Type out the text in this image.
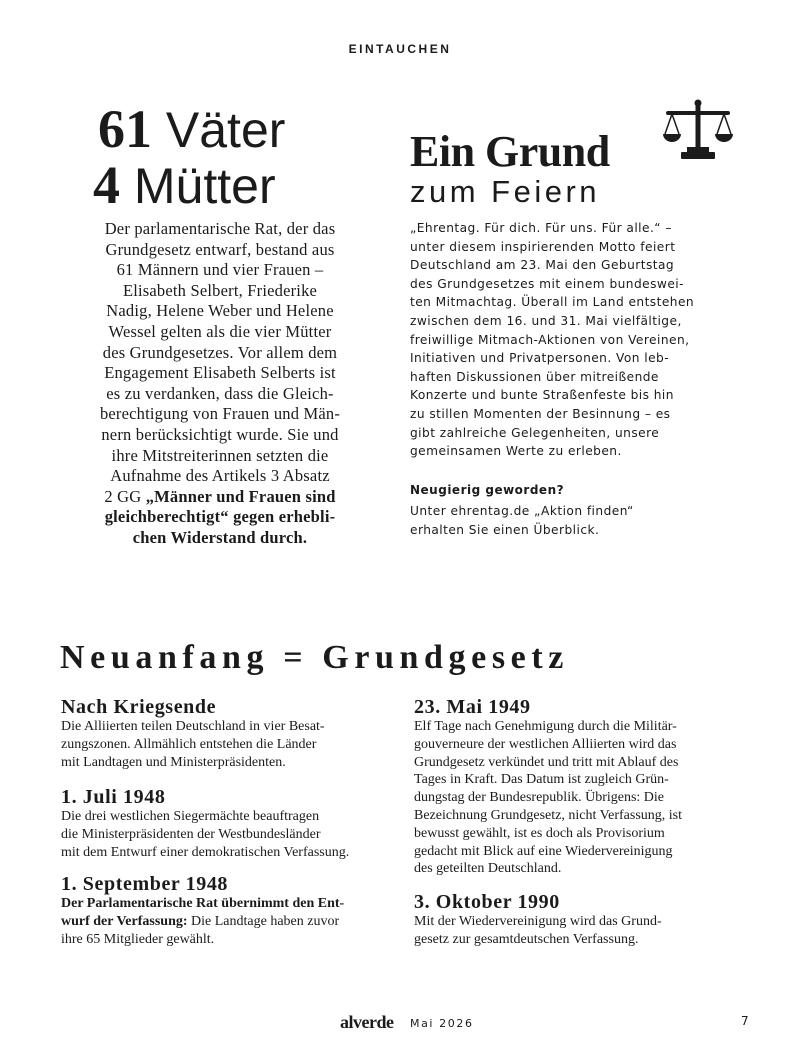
EINTAUCHEN
61 Väter
4 Mütter
Der parlamentarische Rat, der das
Grundgesetz entwarf, bestand aus
61 Männern und vier Frauen –
Elisabeth Selbert, Friederike
Nadig, Helene Weber und Helene
Wessel gelten als die vier Mütter
des Grundgesetzes. Vor allem dem
Engagement Elisabeth Selberts ist
es zu verdanken, dass die Gleich-
berechtigung von Frauen und Män-
nern berücksichtigt wurde. Sie und
ihre Mitstreiterinnen setzten die
Aufnahme des Artikels 3 Absatz
2 GG „Männer und Frauen sind
gleichberechtigt“ gegen erhebli-
chen Widerstand durch.
Ein Grund
zum Feiern
„Ehrentag. Für dich. Für uns. Für alle.“ –
unter diesem inspirierenden Motto feiert
Deutschland am 23. Mai den Geburtstag
des Grundgesetzes mit einem bundeswei-
ten Mitmachtag. Überall im Land entstehen
zwischen dem 16. und 31. Mai vielfältige,
freiwillige Mitmach-Aktionen von Vereinen,
Initiativen und Privatpersonen. Von leb-
haften Diskussionen über mitreißende
Konzerte und bunte Straßenfeste bis hin
zu stillen Momenten der Besinnung – es
gibt zahlreiche Gelegenheiten, unsere
gemeinsamen Werte zu erleben.
Neugierig geworden?
Unter ehrentag.de „Aktion finden“
erhalten Sie einen Überblick.
Neuanfang = Grundgesetz
Nach Kriegsende
Die Alliierten teilen Deutschland in vier Besat-
zungszonen. Allmählich entstehen die Länder
mit Landtagen und Ministerpräsidenten.
1. Juli 1948
Die drei westlichen Siegermächte beauftragen
die Ministerpräsidenten der Westbundesländer
mit dem Entwurf einer demokratischen Verfassung.
1. September 1948
Der Parlamentarische Rat übernimmt den Ent-
wurf der Verfassung: Die Landtage haben zuvor
ihre 65 Mitglieder gewählt.
23. Mai 1949
Elf Tage nach Genehmigung durch die Militär-
gouverneure der westlichen Alliierten wird das
Grundgesetz verkündet und tritt mit Ablauf des
Tages in Kraft. Das Datum ist zugleich Grün-
dungstag der Bundesrepublik. Übrigens: Die
Bezeichnung Grundgesetz, nicht Verfassung, ist
bewusst gewählt, ist es doch als Provisorium
gedacht mit Blick auf eine Wiedervereinigung
des geteilten Deutschland.
3. Oktober 1990
Mit der Wiedervereinigung wird das Grund-
gesetz zur gesamtdeutschen Verfassung.
alverde Mai 2026	7
